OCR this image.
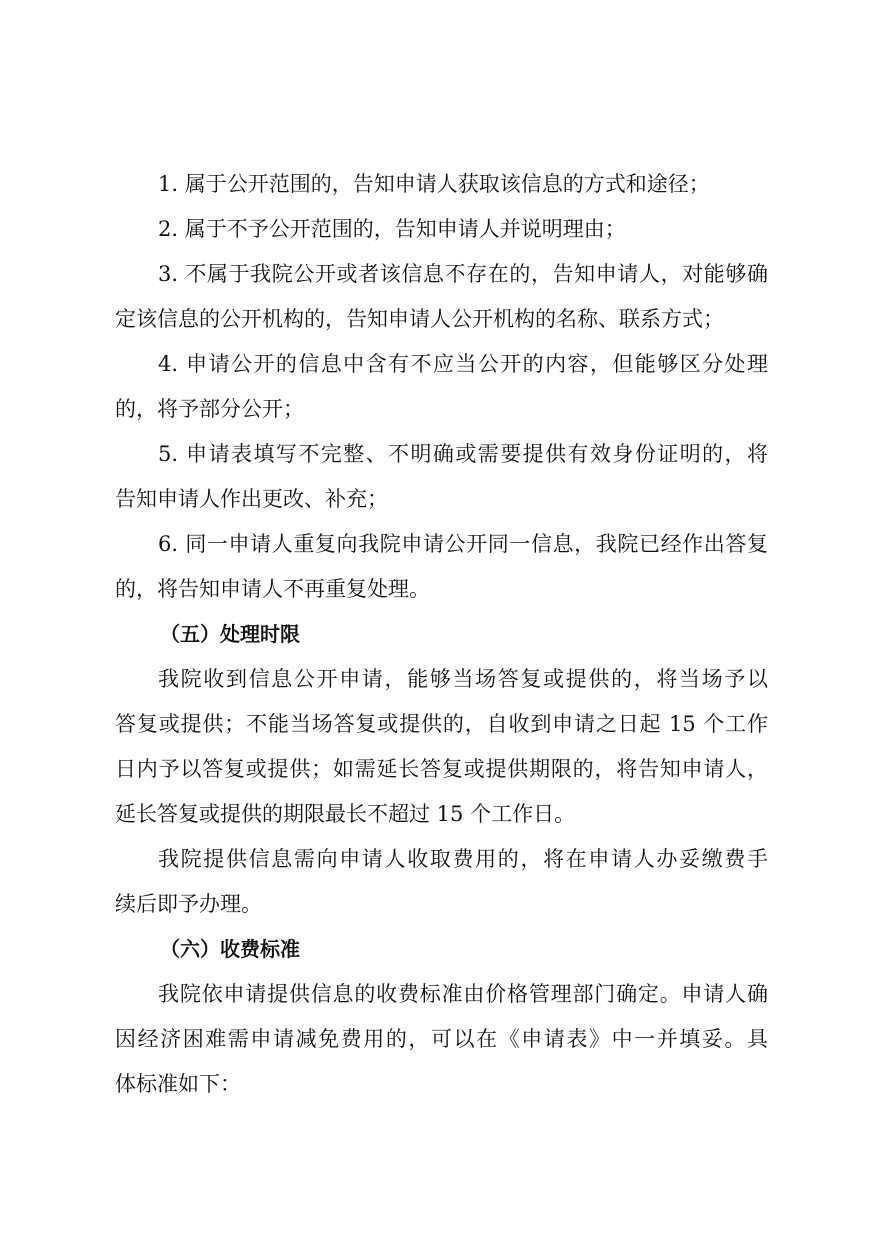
1. 属于公开范围的，告知申请人获取该信息的方式和途径；
2. 属于不予公开范围的，告知申请人并说明理由；
3. 不属于我院公开或者该信息不存在的，告知申请人，对能够确
定该信息的公开机构的，告知申请人公开机构的名称、联系方式；
4. 申请公开的信息中含有不应当公开的内容，但能够区分处理
的，将予部分公开；
5. 申请表填写不完整、不明确或需要提供有效身份证明的，将
告知申请人作出更改、补充；
6. 同一申请人重复向我院申请公开同一信息，我院已经作出答复
的，将告知申请人不再重复处理。
（五）处理时限
我院收到信息公开申请，能够当场答复或提供的，将当场予以
答复或提供；不能当场答复或提供的，自收到申请之日起 15 个工作
日内予以答复或提供；如需延长答复或提供期限的，将告知申请人，
延长答复或提供的期限最长不超过 15 个工作日。
我院提供信息需向申请人收取费用的，将在申请人办妥缴费手
续后即予办理。
（六）收费标准
我院依申请提供信息的收费标准由价格管理部门确定。申请人确
因经济困难需申请减免费用的，可以在《申请表》中一并填妥。具
体标准如下：
